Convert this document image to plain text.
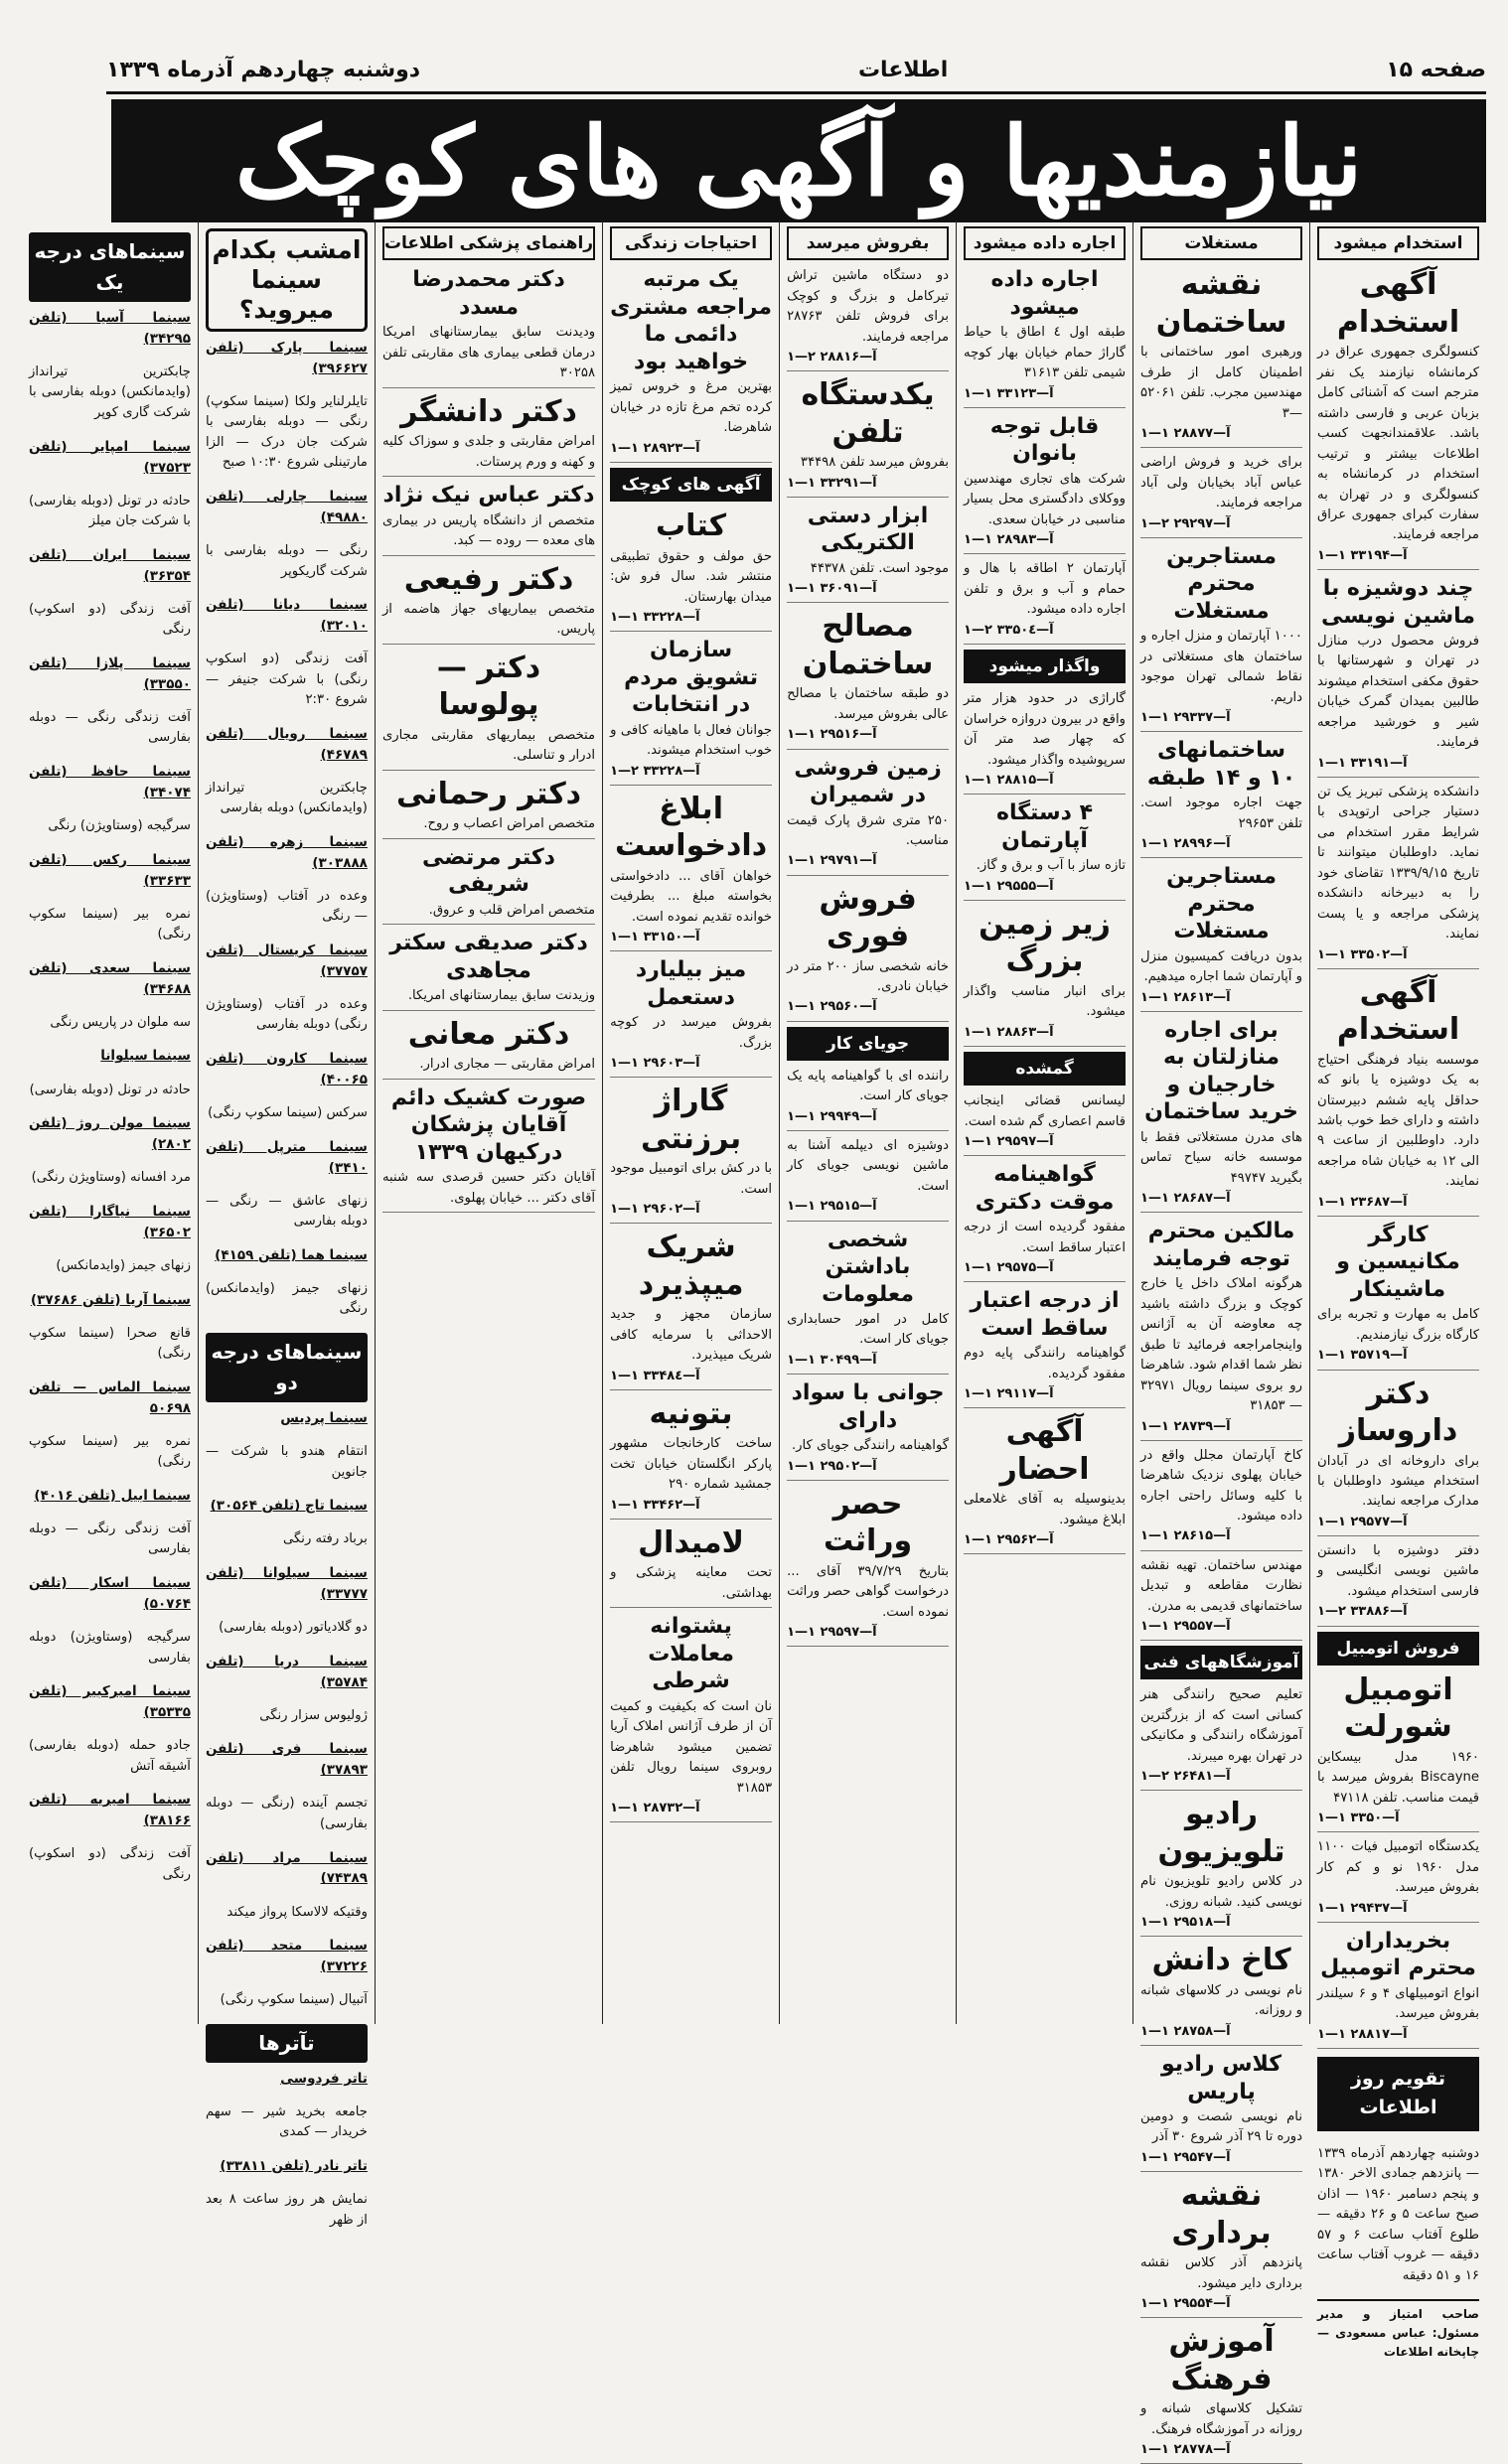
صفحه ۱۵
اطلاعات
دوشنبه چهاردهم آذرماه ۱۳۳۹
نیازمندیها و آگهی های کوچک
استخدام میشود
آگهی استخدام

کنسولگری جمهوری عراق در کرمانشاه نیازمند یک نفر مترجم است که آشنائی کامل بزبان عربی و فارسی داشته باشد. علاقمندانجهت کسب اطلاعات بیشتر و ترتیب استخدام در کرمانشاه به کنسولگری و در تهران به سفارت کبرای جمهوری عراق مراجعه فرمایند.

آ—۳۳۱۹۴ ۱—۱
چند دوشیزه با ماشین نویسی

فروش محصول درب منازل در تهران و شهرستانها با حقوق مکفی استخدام میشوند طالبین بمیدان گمرک خیابان شیر و خورشید مراجعه فرمایند.

آ—۳۳۱۹۱ ۱—۱

دانشکده پزشکی تبریز یک تن دستیار جراحی ارتوپدی با شرایط مقرر استخدام می نماید. داوطلبان میتوانند تا تاریخ ۱۳۳۹/۹/۱۵ تقاضای خود را به دبیرخانه دانشکده پزشکی مراجعه و یا پست نمایند.

آ—۳۳۵۰۲ ۱—۱
آگهی استخدام

موسسه بنیاد فرهنگی احتیاج به یک دوشیزه یا بانو که حداقل پایه ششم دبیرستان داشته و دارای خط خوب باشد دارد. داوطلبین از ساعت ۹ الی ۱۲ به خیابان شاه مراجعه نمایند.

آ—۲۳۶۸۷ ۱—۱
کارگر مکانیسین و ماشینکار

کامل به مهارت و تجربه برای کارگاه بزرگ نیازمندیم.

آ—۳۵۷۱۹ ۱—۱
دکتر داروساز

برای داروخانه ای در آبادان استخدام میشود داوطلبان با مدارک مراجعه نمایند.

آ—۲۹۵۷۷ ۱—۱

دفتر دوشیزه با دانستن ماشین نویسی انگلیسی و فارسی استخدام میشود.

آ—۳۳۸۸۶ ۲—۱
فروش اتومبیل
اتومبیل شورلت

۱۹۶۰ مدل بیسکاین Biscayne بفروش میرسد با قیمت مناسب. تلفن ۴۷۱۱۸

آ—۳۳۵۰ ۱—۱

یکدستگاه اتومبیل فیات ۱۱۰۰ مدل ۱۹۶۰ نو و کم کار بفروش میرسد.

آ—۲۹۴۳۷ ۱—۱
بخریداران محترم اتومبیل

انواع اتومبیلهای ۴ و ۶ سیلندر بفروش میرسد.

آ—۲۸۸۱۷ ۱—۱
تقویم روز اطلاعات

دوشنبه چهاردهم آذرماه ۱۳۳۹ — پانزدهم جمادی الاخر ۱۳۸۰ و پنجم دسامبر ۱۹۶۰ — اذان صبح ساعت ۵ و ۲۶ دقیقه — طلوع آفتاب ساعت ۶ و ۵۷ دقیقه — غروب آفتاب ساعت ۱۶ و ۵۱ دقیقه

صاحب امتیاز و مدیر مسئول: عباس مسعودی — چاپخانه اطلاعات
مستغلات
نقشه ساختمان

ورهبری امور ساختمانی با اطمینان کامل از طرف مهندسین مجرب. تلفن ۵۲۰۶۱—۳

آ—۲۸۸۷۷ ۱—۱

برای خرید و فروش اراضی عباس آباد بخیابان ولی آباد مراجعه فرمایند.

آ—۲۹۲۹۷ ۲—۱
مستاجرین محترم مستغلات

۱۰۰۰ آپارتمان و منزل اجاره و ساختمان های مستغلاتی در نقاط شمالی تهران موجود داریم.

آ—۲۹۳۳۷ ۱—۱
ساختمانهای ۱۰ و ۱۴ طبقه

جهت اجاره موجود است. تلفن ۲۹۶۵۳

آ—۲۸۹۹۶ ۱—۱
مستاجرین محترم مستغلات

بدون دریافت کمیسیون منزل و آپارتمان شما اجاره میدهیم.

آ—۲۸۶۱۳ ۱—۱
برای اجاره منازلتان به خارجیان و خرید ساختمان

های مدرن مستغلاتی فقط با موسسه خانه سیاح تماس بگیرید ۴۹۷۴۷

آ—۲۸۶۸۷ ۱—۱
مالکین محترم توجه فرمایند

هرگونه املاک داخل یا خارج کوچک و بزرگ داشته باشید چه معاوضه آن به آژانس واینجامراجعه فرمائید تا طبق نظر شما اقدام شود. شاهرضا رو بروی سینما رویال ۳۲۹۷۱ — ۳۱۸۵۳

آ—۲۸۷۳۹ ۱—۱

کاخ آپارتمان مجلل واقع در خیابان پهلوی نزدیک شاهرضا با کلیه وسائل راحتی اجاره داده میشود.

آ—۲۸۶۱۵ ۱—۱

مهندس ساختمان. تهیه نقشه نظارت مقاطعه و تبدیل ساختمانهای قدیمی به مدرن.

آ—۲۹۵۵۷ ۱—۱
آموزشگاههای فنی

تعلیم صحیح رانندگی هنر کسانی است که از بزرگترین آموزشگاه رانندگی و مکانیکی در تهران بهره میبرند.

آ—۲۶۴۸۱ ۲—۱
رادیو تلویزیون

در کلاس رادیو تلویزیون نام نویسی کنید. شبانه روزی.

آ—۲۹۵۱۸ ۱—۱
کاخ دانش

نام نویسی در کلاسهای شبانه و روزانه.

آ—۲۸۷۵۸ ۱—۱
کلاس رادیو پاریس

نام نویسی شصت و دومین دوره تا ۲۹ آذر شروع ۳۰ آذر

آ—۲۹۵۴۷ ۱—۱
نقشه برداری

پانزدهم آذر کلاس نقشه برداری دایر میشود.

آ—۲۹۵۵۴ ۱—۱
آموزش فرهنگ

تشکیل کلاسهای شبانه و روزانه در آموزشگاه فرهنگ.

آ—۲۸۷۷۸ ۱—۱
اجاره داده میشود
اجاره داده میشود

طبقه اول ٤ اطاق با حیاط گاراژ حمام خیابان بهار کوچه شیمی تلفن ۳۱۶۱۳

آ—۳۳۱۲۳ ۱—۱
قابل توجه بانوان

شرکت های تجاری مهندسین ووکلای دادگستری محل بسیار مناسبی در خیابان سعدی.

آ—۲۸۹۸۳ ۱—۱

آپارتمان ۲ اطاقه با هال و حمام و آب و برق و تلفن اجاره داده میشود.

آ—۳۳۵۰٤ ۲—۱
واگذار میشود

گاراژی در حدود هزار متر واقع در بیرون دروازه خراسان که چهار صد متر آن سرپوشیده واگذار میشود.

آ—۲۸۸۱۵ ۱—۱
۴ دستگاه آپارتمان

تازه ساز با آب و برق و گاز.

آ—۲۹۵۵۵ ۱—۱
زیر زمین بزرگ

برای انبار مناسب واگذار میشود.

آ—۲۸۸۶۳ ۱—۱
گمشده

لیسانس قضائی اینجانب قاسم اعصاری گم شده است.

آ—۲۹۵۹۷ ۱—۱
گواهینامه موقت دکتری

مفقود گردیده است از درجه اعتبار ساقط است.

آ—۲۹۵۷۵ ۱—۱
از درجه اعتبار ساقط است

گواهینامه رانندگی پایه دوم مفقود گردیده.

آ—۲۹۱۱۷ ۱—۱
آگهی احضار

بدینوسیله به آقای غلامعلی ابلاغ میشود.

آ—۲۹۵۶۲ ۱—۱
بفروش میرسد

دو دستگاه ماشین تراش تیرکامل و بزرگ و کوچک برای فروش تلفن ۲۸۷۶۳ مراجعه فرمایند.

آ—۲۸۸۱۶ ۲—۱
یکدستگاه تلفن

بفروش میرسد تلفن ۳۴۴۹۸

آ—۳۳۲۹۱ ۱—۱
ابزار دستی الکتریکی

موجود است. تلفن ۴۴۳۷۸

آ—۳۶۰۹۱ ۱—۱
مصالح ساختمان

دو طبقه ساختمان با مصالح عالی بفروش میرسد.

آ—۲۹۵۱۶ ۱—۱
زمین فروشی در شمیران

۲۵۰ متری شرق پارک قیمت مناسب.

آ—۲۹۷۹۱ ۱—۱
فروش فوری

خانه شخصی ساز ۲۰۰ متر در خیابان نادری.

آ—۲۹۵۶۰ ۱—۱
جویای کار

راننده ای با گواهینامه پایه یک جویای کار است.

آ—۲۹۹۴۹ ۱—۱

دوشیزه ای دیپلمه آشنا به ماشین نویسی جویای کار است.

آ—۲۹۵۱۵ ۱—۱
شخصی باداشتن معلومات

کامل در امور حسابداری جویای کار است.

آ—۳۰۴۹۹ ۱—۱
جوانی با سواد دارای

گواهینامه رانندگی جویای کار.

آ—۲۹۵۰۲ ۱—۱
حصر وراثت

بتاریخ ۳۹/۷/۲۹ آقای ... درخواست گواهی حصر وراثت نموده است.

آ—۲۹۵۹۷ ۱—۱
احتیاجات زندگی
یک مرتبه مراجعه مشتری دائمی ما خواهید بود

بهترین مرغ و خروس تمیز کرده تخم مرغ تازه در خیابان شاهرضا.

آ—۲۸۹۲۳ ۱—۱
آگهی های کوچک
کتاب

حق مولف و حقوق تطبیقی منتشر شد. سال فرو ش: میدان بهارستان.

آ—۳۳۲۲۸ ۱—۱
سازمان تشویق مردم در انتخابات

جوانان فعال با ماهیانه کافی و خوب استخدام میشوند.

آ—۳۳۲۲۸ ۲—۱
ابلاغ دادخواست

خواهان آقای ... دادخواستی بخواسته مبلغ ... بطرفیت خوانده تقدیم نموده است.

آ—۳۳۱۵۰ ۱—۱
میز بیلیارد دستعمل

بفروش میرسد در کوچه بزرگ.

آ—۲۹۶۰۳ ۱—۱
گاراژ برزنتی

با در کش برای اتومبیل موجود است.

آ—۲۹۶۰۲ ۱—۱
شریک میپذیرد

سازمان مجهز و جدید الاحداثی با سرمایه کافی شریک میپذیرد.

آ—۳۳۴۸٤ ۱—۱
بتونیه

ساخت کارخانجات مشهور پارکر انگلستان خیابان تخت جمشید شماره ۲۹۰

آ—۳۳۴۶۲ ۱—۱
لامیدال

تحت معاینه پزشکی و بهداشتی.

پشتوانه معاملات شرطی

نان است که بکیفیت و کمیت آن از طرف آژانس املاک آریا تضمین میشود شاهرضا روبروی سینما رویال تلفن ۳۱۸۵۳

آ—۲۸۷۳۲ ۱—۱
راهنمای پزشکی اطلاعات
دکتر محمدرضا مسدد

ودیدنت سابق بیمارستانهای امریکا درمان قطعی بیماری های مقاربتی تلفن ۳۰۲۵۸

دکتر دانشگر

امراض مقاربتی و جلدی و سوزاک کلیه و کهنه و ورم پرستات.

دکتر عباس نیک نژاد

متخصص از دانشگاه پاریس در بیماری های معده — روده — کبد.

دکتر رفیعی

متخصص بیماریهای جهاز هاضمه از پاریس.

دکتر — پولوسا

متخصص بیماریهای مقاربتی مجاری ادرار و تناسلی.

دکتر رحمانی

متخصص امراض اعصاب و روح.

دکتر مرتضی شریفی

متخصص امراض قلب و عروق.

دکتر صدیقی سکتر مجاهدی

وزیدنت سابق بیمارستانهای امریکا.

دکتر معانی

امراض مقاربتی — مجاری ادرار.

صورت کشیک دائم آقایان پزشکان درکیهان ۱۳۳۹

آقایان دکتر حسین قرصدی سه شنبه آقای دکتر ... خیابان پهلوی.

امشب بکدام سینما میروید؟
سینما پارک (تلفن ۳۹۶۶۲۷)

تایلرلنایر ولکا (سینما سکوپ) رنگی — دوبله بفارسی با شرکت جان درک — الزا مارتینلی شروع ۱۰:۳۰ صبح

سینما چارلی (تلفن ۴۹۸۸۰)

رنگی — دوبله بفارسی با شرکت گاریکوپر

سینما دیانا (تلفن ۳۲۰۱۰)

آفت زندگی (دو اسکوپ رنگی) با شرکت جنیفر — شروع ۲:۳۰

سینما رویال (تلفن ۴۶۷۸۹)

چابکترین تیرانداز (وایدمانکس) دوبله بفارسی

سینما زهره (تلفن ۳۰۳۸۸۸)

وعده در آفتاب (وستاویژن) — رنگی

سینما کریستال (تلفن ۳۷۷۵۷)

وعده در آفتاب (وستاویژن رنگی) دوبله بفارسی

سینما کارون (تلفن ۴۰۰۶۵)

سرکس (سینما سکوپ رنگی)

سینما مترپل (تلفن ۳۴۱۰)

زنهای عاشق — رنگی — دوبله بفارسی

سینما هما (تلفن ۴۱۵۹)

زنهای جیمز (وایدمانکس) رنگی

سینماهای درجه دو
سینما پردیس

انتقام هندو با شرکت — جانوین

سینما تاج (تلفن ۳۰۵۶۴)

برباد رفته رنگی

سینما سیلوانا (تلفن ۳۳۷۷۷)

دو گلادیاتور (دوبله بفارسی)

سینما دریا (تلفن ۳۵۷۸۴)

ژولیوس سزار رنگی

سینما فری (تلفن ۳۷۸۹۳)

تجسم آینده (رنگی — دوبله بفارسی)

سینما مراد (تلفن ۷۴۳۸۹)

وقتیکه لالاسکا پرواز میکند

سینما متحد (تلفن ۳۷۲۲۶)

آتبیال (سینما سکوپ رنگی)

تآترها
تاتر فردوسی

جامعه بخرید شیر — سهم خریدار — کمدی

تاتر نادر (تلفن ۳۳۸۱۱)

نمایش هر روز ساعت ۸ بعد از ظهر

سینماهای درجه یک
سینما آسیا (تلفن ۳۴۲۹۵)

چابکترین تیرانداز (وایدمانکس) دوبله بفارسی با شرکت گاری کوپر

سینما امپایر (تلفن ۳۷۵۲۳)

حادثه در تونل (دوبله بفارسی) با شرکت جان میلز

سینما ایران (تلفن ۳۶۳۵۴)

آفت زندگی (دو اسکوپ) رنگی

سینما پلازا (تلفن ۳۳۵۵۰)

آفت زندگی رنگی — دوبله بفارسی

سینما حافظ (تلفن ۳۴۰۷۴)

سرگیجه (وستاویژن) رنگی

سینما رکس (تلفن ۳۳۶۳۳)

نمره بیر (سینما سکوپ رنگی)

سینما سعدی (تلفن ۳۴۶۸۸)

سه ملوان در پاریس رنگی

سینما سیلوانا

حادثه در تونل (دوبله بفارسی)

سینما مولن روژ (تلفن ۲۸۰۲)

مرد افسانه (وستاویژن رنگی)

سینما نیاگارا (تلفن ۳۶۵۰۲)

زنهای جیمز (وایدمانکس)

سینما آریا (تلفن ۳۷۶۸۶)

قانع صحرا (سینما سکوپ رنگی)

سینما الماس — تلفن ۵۰۶۹۸

نمره بیر (سینما سکوپ رنگی)

سینما ابیل (تلفن ۴۰۱۶)

آفت زندگی رنگی — دوبله بفارسی

سینما اسکار (تلفن ۵۰۷۶۴)

سرگیجه (وستاویژن) دوبله بفارسی

سینما امیرکبیر (تلفن ۳۵۳۳۵)

جادو حمله (دوبله بفارسی) آشیقه آتش

سینما امیریه (تلفن ۳۸۱۶۶)

آفت زندگی (دو اسکوپ) رنگی
